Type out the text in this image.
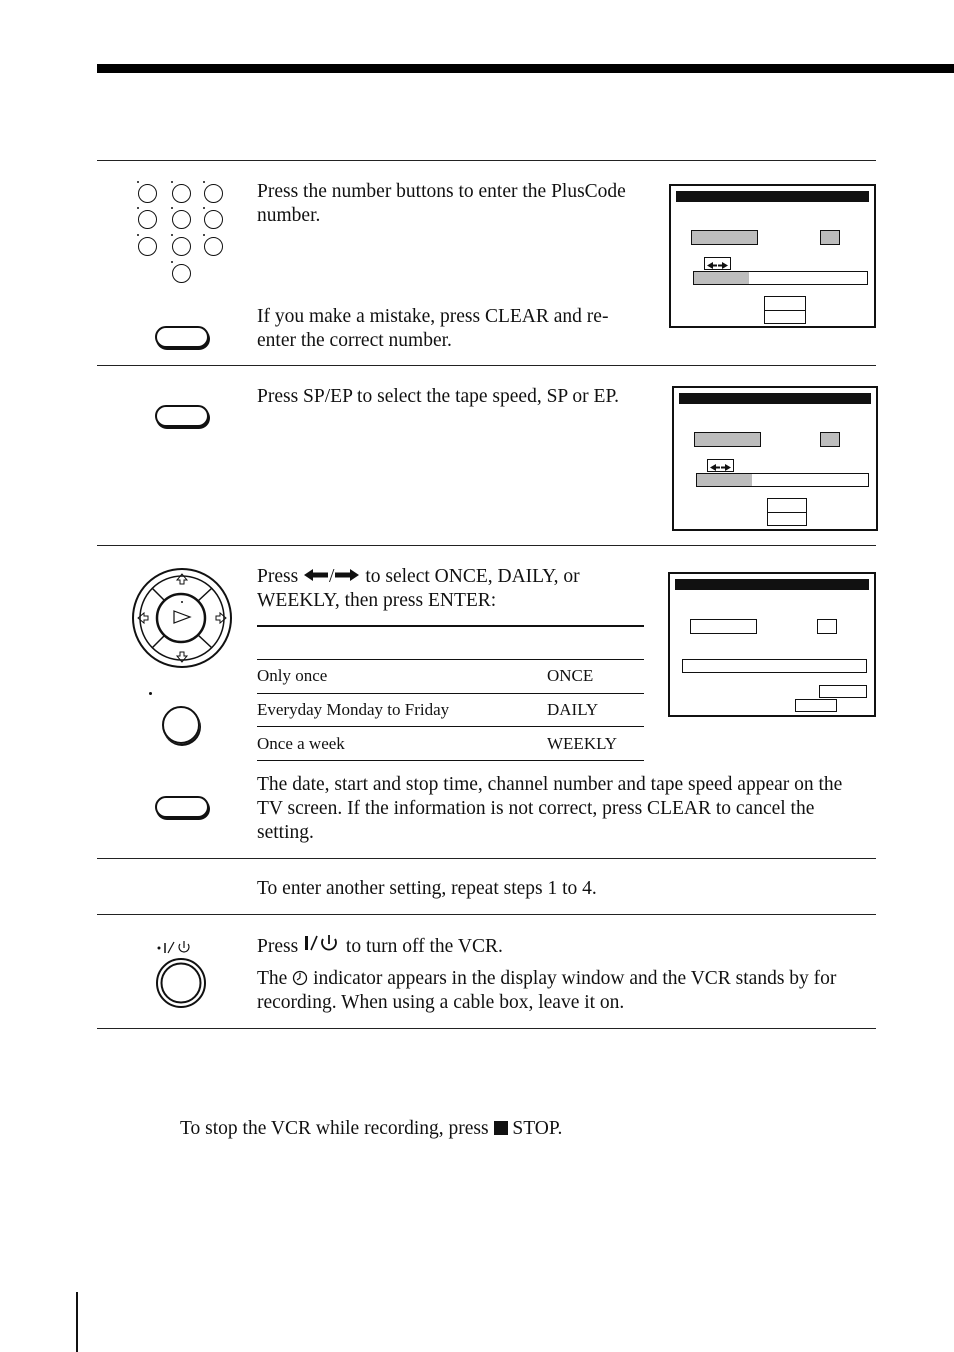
Press the number buttons to enter the PlusCode number.
If you make a mistake, press CLEAR and re-enter the correct number.
Press SP/EP to select the tape speed, SP or EP.
Press / to select ONCE, DAILY, or WEEKLY, then press ENTER:
Only once	ONCE
Everyday Monday to Friday	DAILY
Once a week	WEEKLY
The date, start and stop time, channel number and tape speed appear on the TV screen. If the information is not correct, press CLEAR to cancel the setting.
To enter another setting, repeat steps 1 to 4.
Press to turn off the VCR.
The indicator appears in the display window and the VCR stands by for recording. When using a cable box, leave it on.
To stop the VCR while recording, press STOP.
